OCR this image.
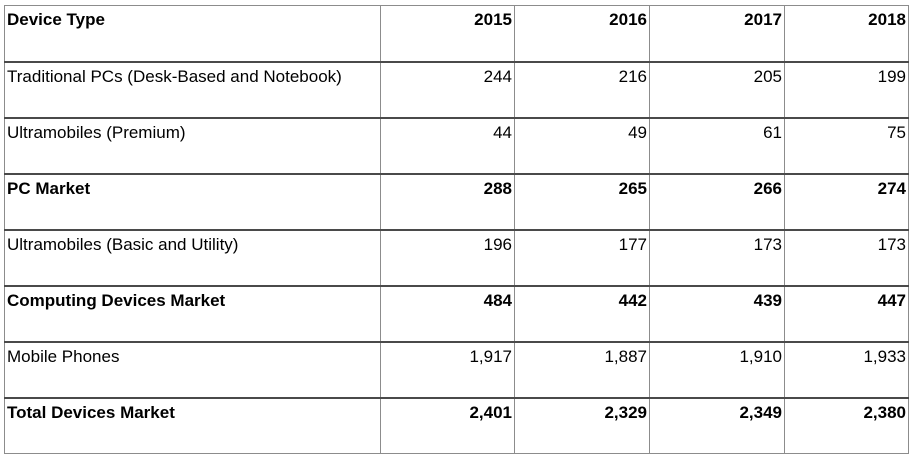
Device Type	2015	2016	2017	2018
Traditional PCs (Desk-Based and Notebook)	244	216	205	199
Ultramobiles (Premium)	44	49	61	75
PC Market	288	265	266	274
Ultramobiles (Basic and Utility)	196	177	173	173
Computing Devices Market	484	442	439	447
Mobile Phones	1,917	1,887	1,910	1,933
Total Devices Market	2,401	2,329	2,349	2,380
